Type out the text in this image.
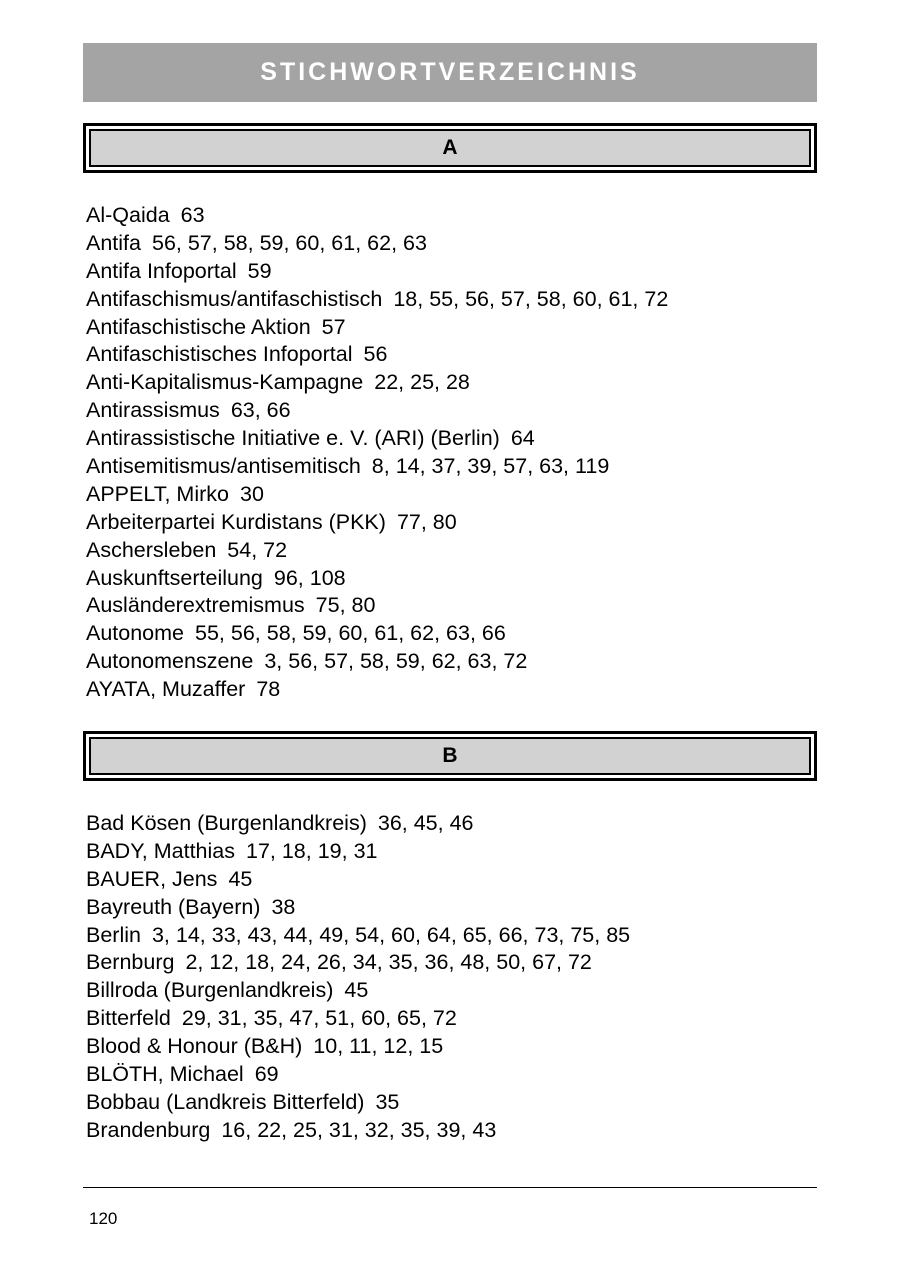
STICHWORTVERZEICHNIS
A
Al-Qaida 63
Antifa 56, 57, 58, 59, 60, 61, 62, 63
Antifa Infoportal 59
Antifaschismus/antifaschistisch 18, 55, 56, 57, 58, 60, 61, 72
Antifaschistische Aktion 57
Antifaschistisches Infoportal 56
Anti-Kapitalismus-Kampagne 22, 25, 28
Antirassismus 63, 66
Antirassistische Initiative e. V. (ARI) (Berlin) 64
Antisemitismus/antisemitisch 8, 14, 37, 39, 57, 63, 119
APPELT, Mirko 30
Arbeiterpartei Kurdistans (PKK) 77, 80
Aschersleben 54, 72
Auskunftserteilung 96, 108
Ausländerextremismus 75, 80
Autonome 55, 56, 58, 59, 60, 61, 62, 63, 66
Autonomenszene 3, 56, 57, 58, 59, 62, 63, 72
AYATA, Muzaffer 78
B
Bad Kösen (Burgenlandkreis) 36, 45, 46
BADY, Matthias 17, 18, 19, 31
BAUER, Jens 45
Bayreuth (Bayern) 38
Berlin 3, 14, 33, 43, 44, 49, 54, 60, 64, 65, 66, 73, 75, 85
Bernburg 2, 12, 18, 24, 26, 34, 35, 36, 48, 50, 67, 72
Billroda (Burgenlandkreis) 45
Bitterfeld 29, 31, 35, 47, 51, 60, 65, 72
Blood & Honour (B&H) 10, 11, 12, 15
BLÖTH, Michael 69
Bobbau (Landkreis Bitterfeld) 35
Brandenburg 16, 22, 25, 31, 32, 35, 39, 43
120
